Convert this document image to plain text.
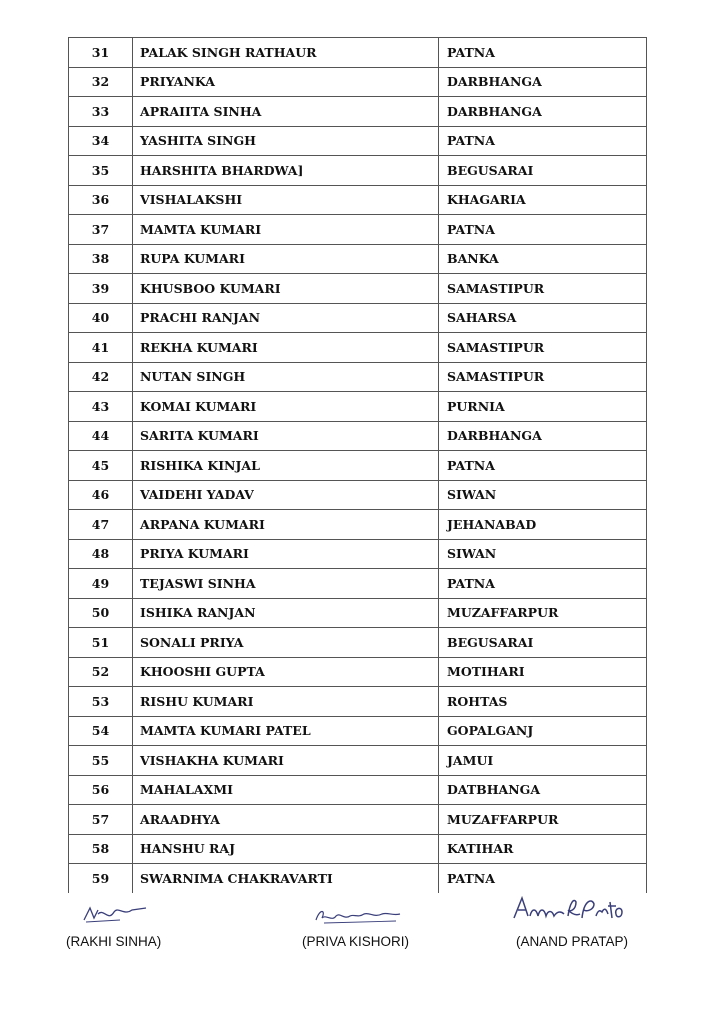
31	PALAK SINGH RATHAUR	PATNA
32	PRIYANKA	DARBHANGA
33	APRAIITA SINHA	DARBHANGA
34	YASHITA SINGH	PATNA
35	HARSHITA BHARDWA]	BEGUSARAI
36	VISHALAKSHI	KHAGARIA
37	MAMTA KUMARI	PATNA
38	RUPA KUMARI	BANKA
39	KHUSBOO KUMARI	SAMASTIPUR
40	PRACHI RANJAN	SAHARSA
41	REKHA KUMARI	SAMASTIPUR
42	NUTAN SINGH	SAMASTIPUR
43	KOMAI KUMARI	PURNIA
44	SARITA KUMARI	DARBHANGA
45	RISHIKA KINJAL	PATNA
46	VAIDEHI YADAV	SIWAN
47	ARPANA KUMARI	JEHANABAD
48	PRIYA KUMARI	SIWAN
49	TEJASWI SINHA	PATNA
50	ISHIKA RANJAN	MUZAFFARPUR
51	SONALI PRIYA	BEGUSARAI
52	KHOOSHI GUPTA	MOTIHARI
53	RISHU KUMARI	ROHTAS
54	MAMTA KUMARI PATEL	GOPALGANJ
55	VISHAKHA KUMARI	JAMUI
56	MAHALAXMI	DATBHANGA
57	ARAADHYA	MUZAFFARPUR
58	HANSHU RAJ	KATIHAR
59	SWARNIMA CHAKRAVARTI	PATNA
(RAKHI SINHA)	(PRIVA KISHORI)	(ANAND PRATAP)
